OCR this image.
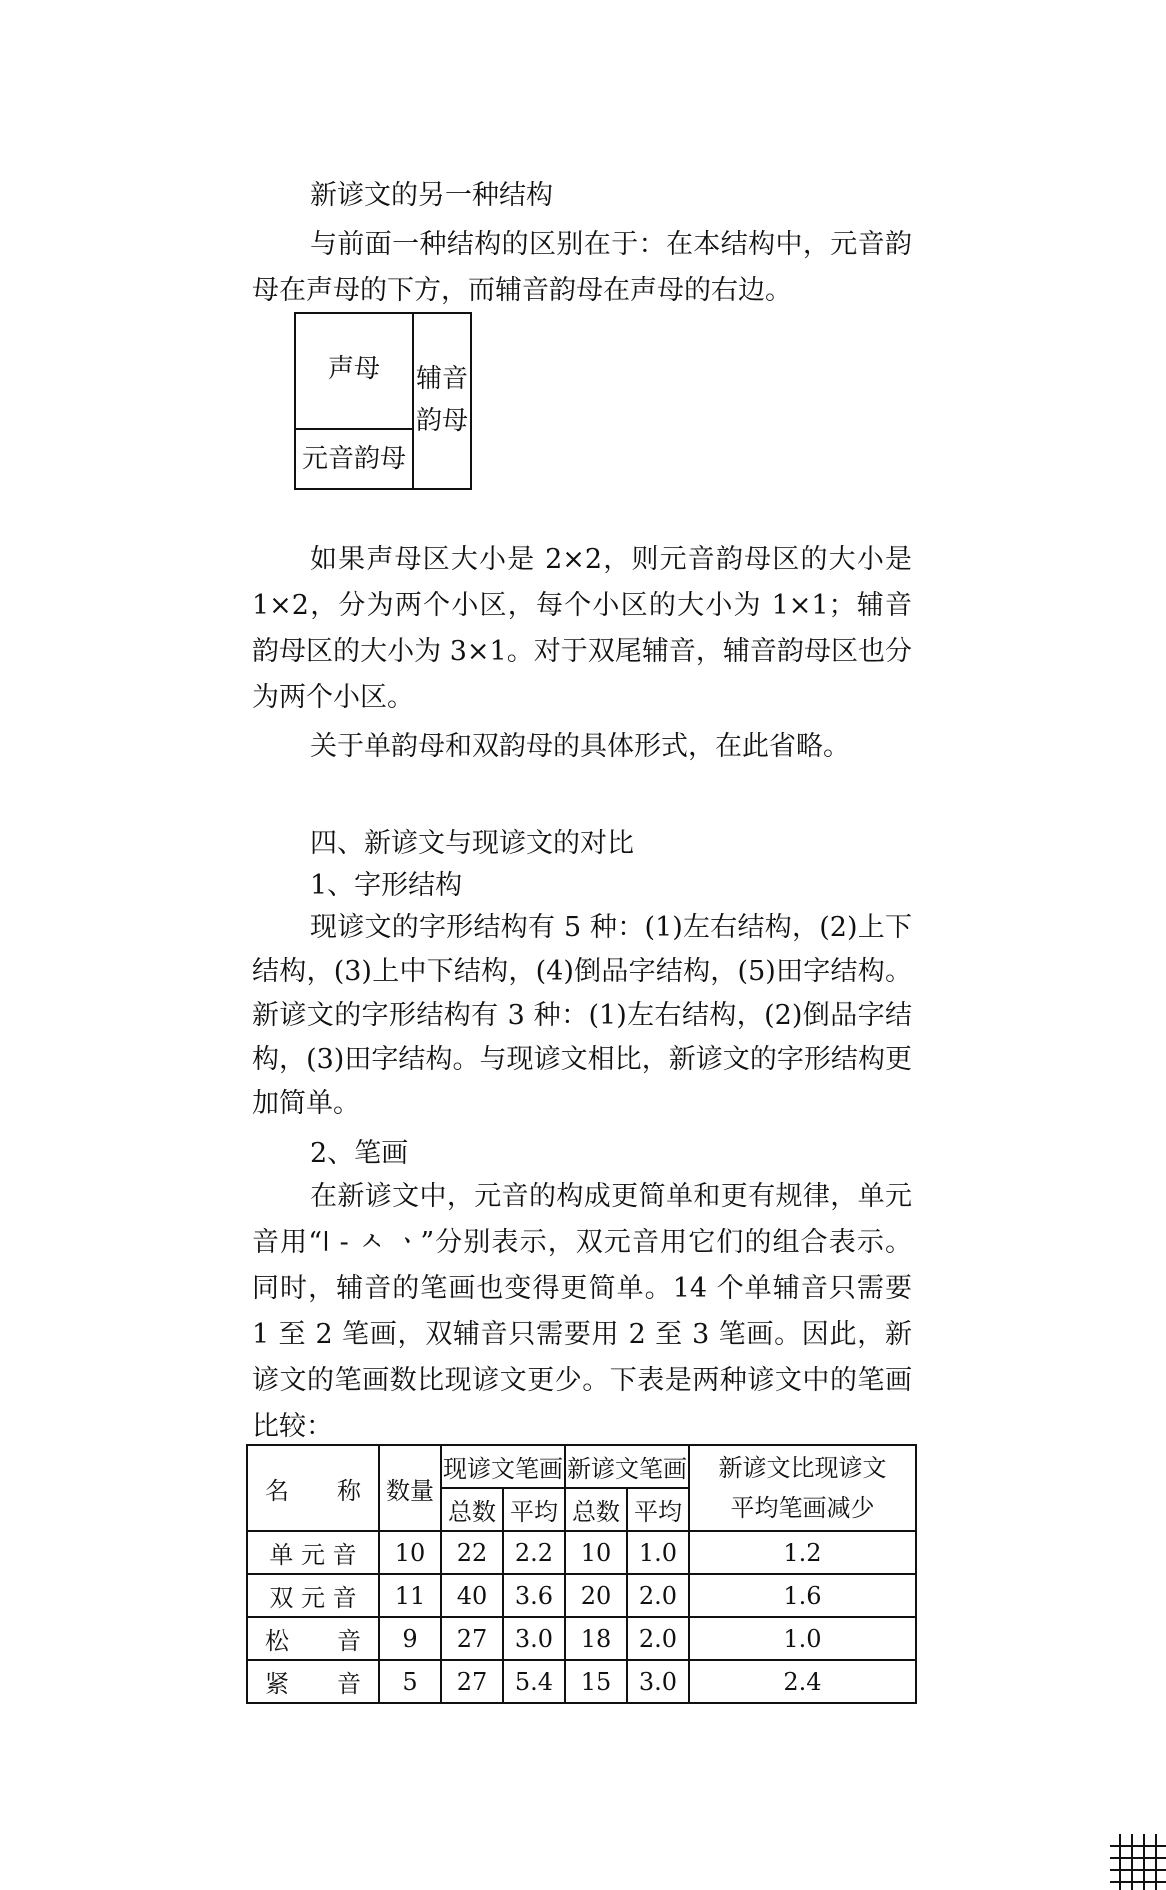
新谚文的另一种结构
与前面一种结构的区别在于：在本结构中，元音韵母在声母的下方，而辅音韵母在声母的右边。
声母	辅音
韵母
元音韵母
如果声母区大小是 2×2，则元音韵母区的大小是 1×2，分为两个小区，每个小区的大小为 1×1；辅音韵母区的大小为 3×1。对于双尾辅音，辅音韵母区也分为两个小区。
关于单韵母和双韵母的具体形式，在此省略。
四、新谚文与现谚文的对比
1、字形结构
现谚文的字形结构有 5 种：(1)左右结构，(2)上下结构，(3)上中下结构，(4)倒品字结构，(5)田字结构。新谚文的字形结构有 3 种：(1)左右结构，(2)倒品字结构，(3)田字结构。与现谚文相比，新谚文的字形结构更加简单。
2、笔画
在新谚文中，元音的构成更简单和更有规律，单元音用“ǀ - ㅅ ㆍ”分别表示，双元音用它们的组合表示。同时，辅音的笔画也变得更简单。14 个单辅音只需要 1 至 2 笔画，双辅音只需要用 2 至 3 笔画。因此，新谚文的笔画数比现谚文更少。下表是两种谚文中的笔画比较：
名　　称	数量	现谚文笔画		新谚文笔画		新谚文比现谚文
平均笔画减少

		总数	平均	总数	平均	
单 元 音	10	22	2.2	10	1.0	1.2
双 元 音	11	40	3.6	20	2.0	1.6
松　　音	9	27	3.0	18	2.0	1.0
紧　　音	5	27	5.4	15	3.0	2.4
